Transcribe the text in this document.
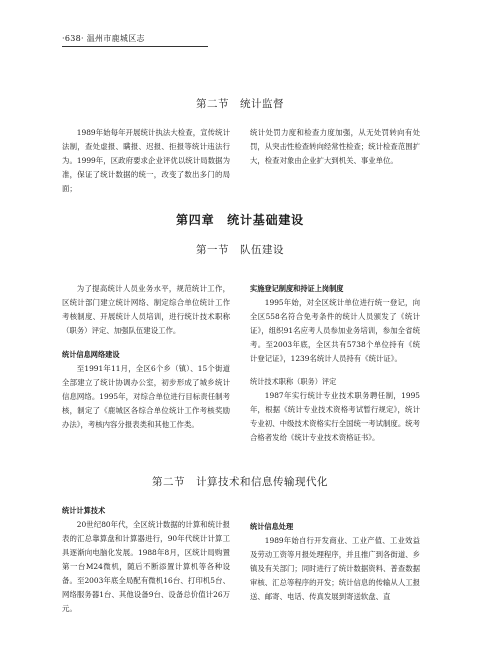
·638· 温州市鹿城区志
第二节　统计监督

1989年始每年开展统计执法大检查，宣传统计法制，查处虚报、瞒报、迟报、拒报等统计违法行为。1999年，区政府要求企业评优以统计局数据为准，保证了统计数据的统一，改变了数出多门的局面；

统计处罚力度和检查力度加强，从无处罚转向有处罚，从突击性检查转向经常性检查；统计检查范围扩大，检查对象由企业扩大到机关、事业单位。

第四章　统计基础建设
第一节　队伍建设

为了提高统计人员业务水平，规范统计工作，区统计部门建立统计网络、制定综合单位统计工作考核制度、开展统计人员培训，进行统计技术职称（职务）评定、加强队伍建设工作。

统计信息网络建设

至1991年11月，全区6个乡（镇）、15个街道全部建立了统计协调办公室，初步形成了城乡统计信息网络。1995年，对综合单位进行目标责任制考核，制定了《鹿城区各综合单位统计工作考核奖励办法》，考核内容分报表类和其他工作类。

实施登记制度和持证上岗制度

1995年始，对全区统计单位进行统一登记，向全区558名符合免考条件的统计人员颁发了《统计证》，组织91名应考人员参加业务培训，参加全省统考。至2003年底，全区共有5738个单位持有《统计登记证》，1239名统计人员持有《统计证》。

统计技术职称（职务）评定

1987年实行统计专业技术职务聘任制，1995年，根据《统计专业技术资格考试暂行规定》，统计专业初、中级技术资格实行全国统一考试制度。统考合格者发给《统计专业技术资格证书》。

第二节　计算技术和信息传输现代化

统计计算技术

20世纪80年代，全区统计数据的计算和统计报表的汇总靠算盘和计算器进行，90年代统计计算工具逐渐向电脑化发展。1988年8月，区统计局购置第一台M24微机，随后不断添置计算机等各种设备。至2003年底全局配有微机16台、打印机5台、网络服务器1台、其他设备9台、设备总价值计26万元。

统计信息处理

1989年始自行开发商业、工业产值、工业效益及劳动工资等月报处理程序，并且推广到各街道、乡镇及有关部门；同时进行了统计数据资料、普查数据审核、汇总等程序的开发；统计信息的传输从人工报送、邮寄、电话、传真发展到寄送软盘、直
